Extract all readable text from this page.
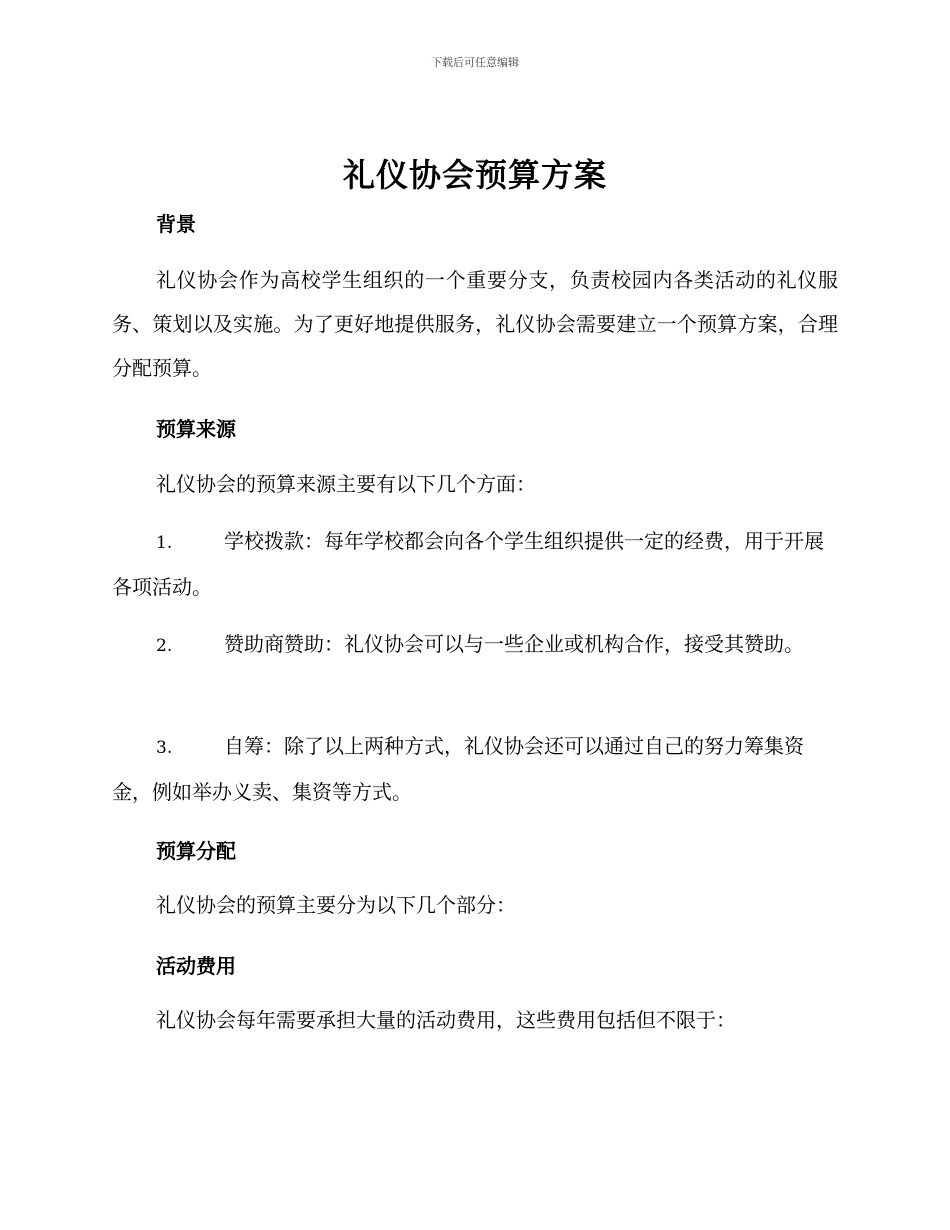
下载后可任意编辑
礼仪协会预算方案
背景

礼仪协会作为高校学生组织的一个重要分支，负责校园内各类活动的礼仪服务、策划以及实施。为了更好地提供服务，礼仪协会需要建立一个预算方案，合理分配预算。

预算来源

礼仪协会的预算来源主要有以下几个方面：

1.	学校拨款：每年学校都会向各个学生组织提供一定的经费，用于开展各项活动。

2.	赞助商赞助：礼仪协会可以与一些企业或机构合作，接受其赞助。

3.	自筹：除了以上两种方式，礼仪协会还可以通过自己的努力筹集资金，例如举办义卖、集资等方式。

预算分配

礼仪协会的预算主要分为以下几个部分：

活动费用

礼仪协会每年需要承担大量的活动费用，这些费用包括但不限于：
